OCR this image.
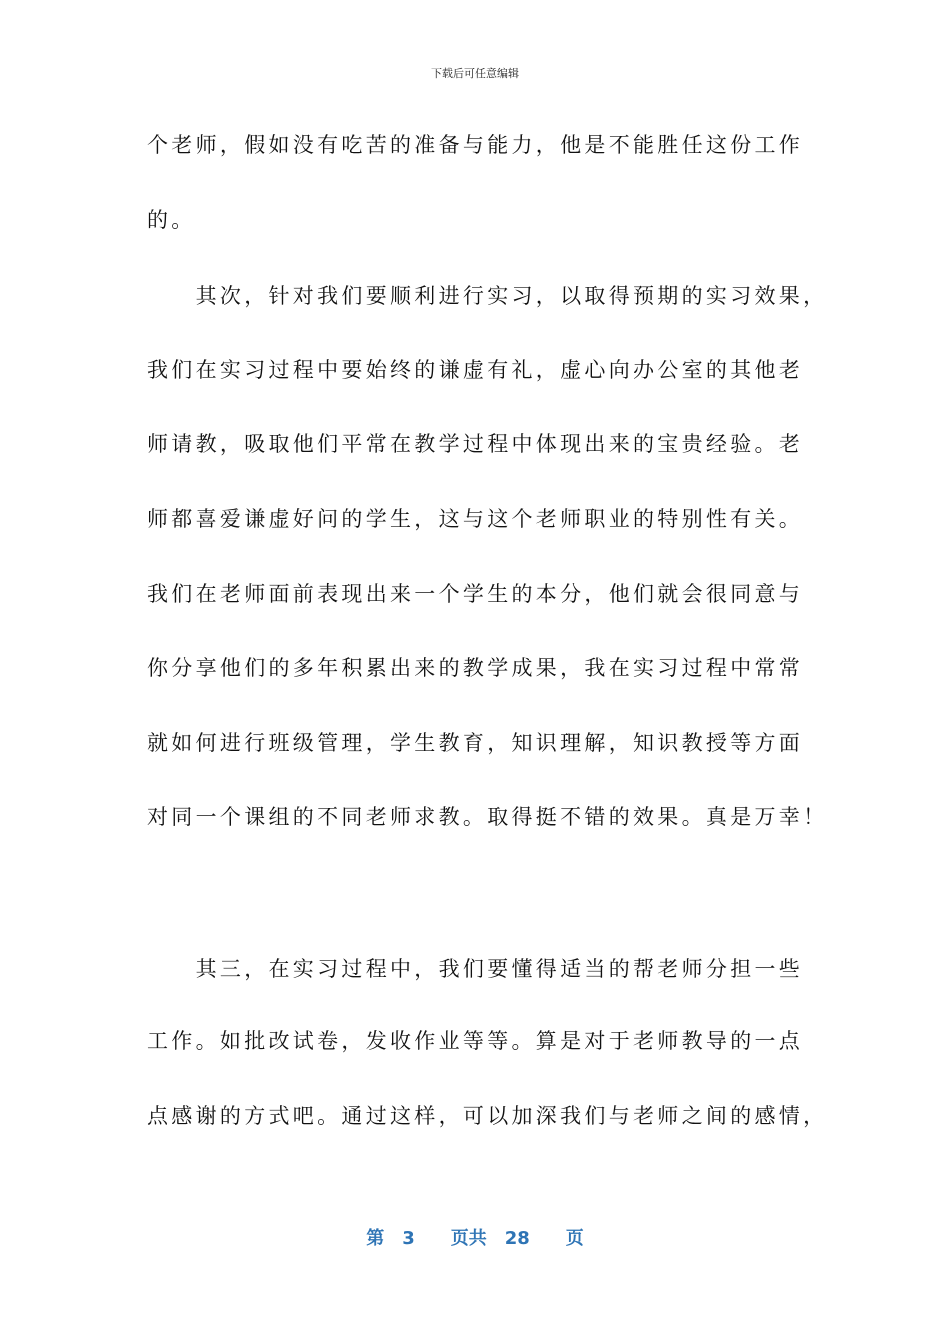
下载后可任意编辑
个老师，假如没有吃苦的准备与能力，他是不能胜任这份工作
的。
　　其次，针对我们要顺利进行实习，以取得预期的实习效果，
我们在实习过程中要始终的谦虚有礼，虚心向办公室的其他老
师请教，吸取他们平常在教学过程中体现出来的宝贵经验。老
师都喜爱谦虚好问的学生，这与这个老师职业的特别性有关。
我们在老师面前表现出来一个学生的本分，他们就会很同意与
你分享他们的多年积累出来的教学成果，我在实习过程中常常
就如何进行班级管理，学生教育，知识理解，知识教授等方面
对同一个课组的不同老师求教。取得挺不错的效果。真是万幸！
　　其三，在实习过程中，我们要懂得适当的帮老师分担一些
工作。如批改试卷，发收作业等等。算是对于老师教导的一点
点感谢的方式吧。通过这样，可以加深我们与老师之间的感情，
第　3　　页共　28　　页
